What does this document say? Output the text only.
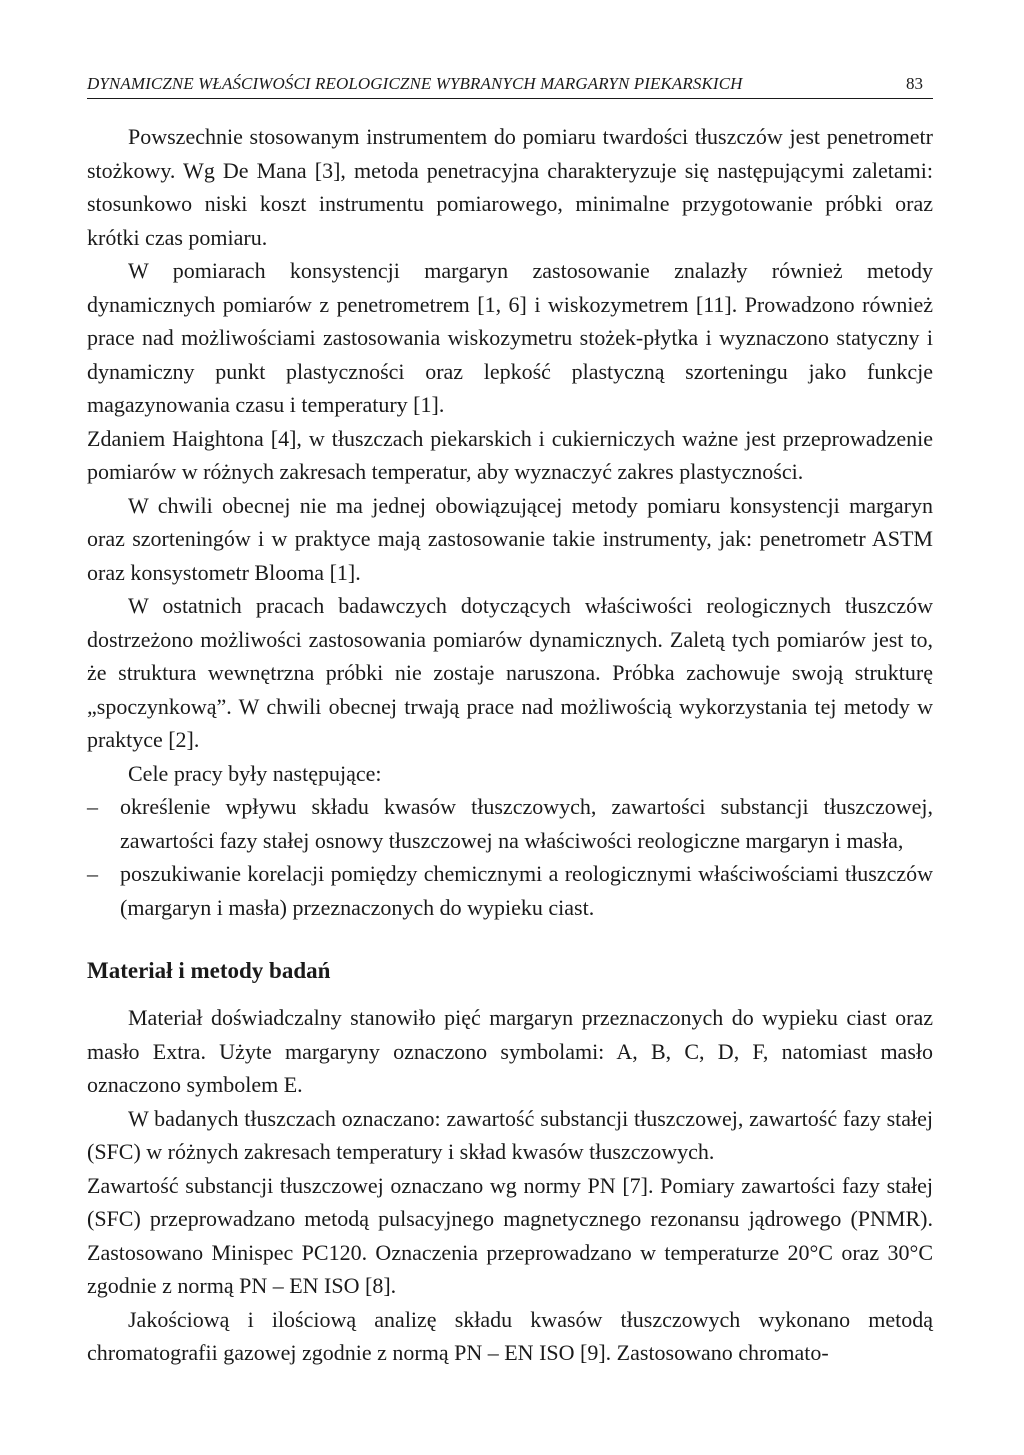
DYNAMICZNE WŁAŚCIWOŚCI REOLOGICZNE WYBRANYCH MARGARYN PIEKARSKICH	83

Powszechnie stosowanym instrumentem do pomiaru twardości tłuszczów jest penetrometr stożkowy. Wg De Mana [3], metoda penetracyjna charakteryzuje się następującymi zaletami: stosunkowo niski koszt instrumentu pomiarowego, minimalne przygotowanie próbki oraz krótki czas pomiaru.

W pomiarach konsystencji margaryn zastosowanie znalazły również metody dynamicznych pomiarów z penetrometrem [1, 6] i wiskozymetrem [11]. Prowadzono również prace nad możliwościami zastosowania wiskozymetru stożek-płytka i wyznaczono statyczny i dynamiczny punkt plastyczności oraz lepkość plastyczną szorteningu jako funkcje magazynowania czasu i temperatury [1].

Zdaniem Haightona [4], w tłuszczach piekarskich i cukierniczych ważne jest przeprowadzenie pomiarów w różnych zakresach temperatur, aby wyznaczyć zakres plastyczności.

W chwili obecnej nie ma jednej obowiązującej metody pomiaru konsystencji margaryn oraz szorteningów i w praktyce mają zastosowanie takie instrumenty, jak: penetrometr ASTM oraz konsystometr Blooma [1].

W ostatnich pracach badawczych dotyczących właściwości reologicznych tłuszczów dostrzeżono możliwości zastosowania pomiarów dynamicznych. Zaletą tych pomiarów jest to, że struktura wewnętrzna próbki nie zostaje naruszona. Próbka zachowuje swoją strukturę „spoczynkową”. W chwili obecnej trwają prace nad możliwością wykorzystania tej metody w praktyce [2].

Cele pracy były następujące:

– określenie wpływu składu kwasów tłuszczowych, zawartości substancji tłuszczowej, zawartości fazy stałej osnowy tłuszczowej na właściwości reologiczne margaryn i masła,
– poszukiwanie korelacji pomiędzy chemicznymi a reologicznymi właściwościami tłuszczów (margaryn i masła) przeznaczonych do wypieku ciast.
Materiał i metody badań

Materiał doświadczalny stanowiło pięć margaryn przeznaczonych do wypieku ciast oraz masło Extra. Użyte margaryny oznaczono symbolami: A, B, C, D, F, natomiast masło oznaczono symbolem E.

W badanych tłuszczach oznaczano: zawartość substancji tłuszczowej, zawartość fazy stałej (SFC) w różnych zakresach temperatury i skład kwasów tłuszczowych.

Zawartość substancji tłuszczowej oznaczano wg normy PN [7]. Pomiary zawartości fazy stałej (SFC) przeprowadzano metodą pulsacyjnego magnetycznego rezonansu jądrowego (PNMR). Zastosowano Minispec PC120. Oznaczenia przeprowadzano w temperaturze 20°C oraz 30°C zgodnie z normą PN – EN ISO [8].

Jakościową i ilościową analizę składu kwasów tłuszczowych wykonano metodą chromatografii gazowej zgodnie z normą PN – EN ISO [9]. Zastosowano chromato-
